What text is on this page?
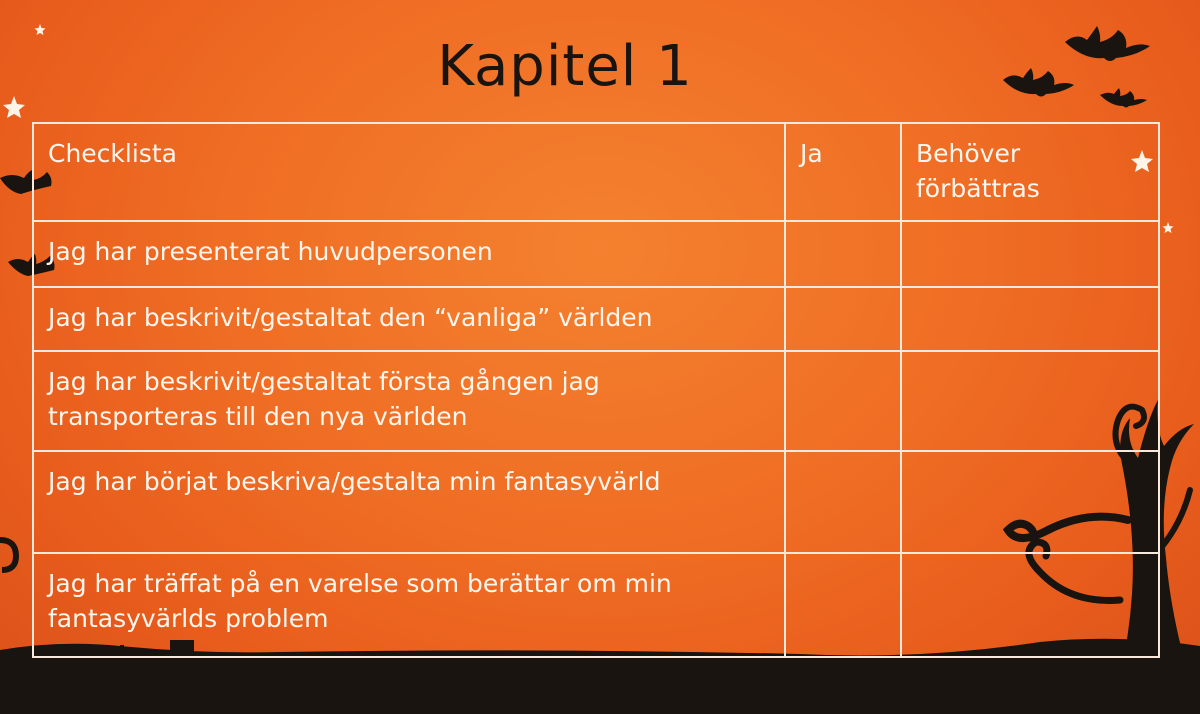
Kapitel 1
Checklista	Ja	Behöver förbättras
Jag har presenterat huvudpersonen		
Jag har beskrivit/gestaltat den “vanliga” världen		
Jag har beskrivit/gestaltat första gången jag transporteras till den nya världen		
Jag har börjat beskriva/gestalta min fantasyvärld		
Jag har träffat på en varelse som berättar om min fantasyvärlds problem		
